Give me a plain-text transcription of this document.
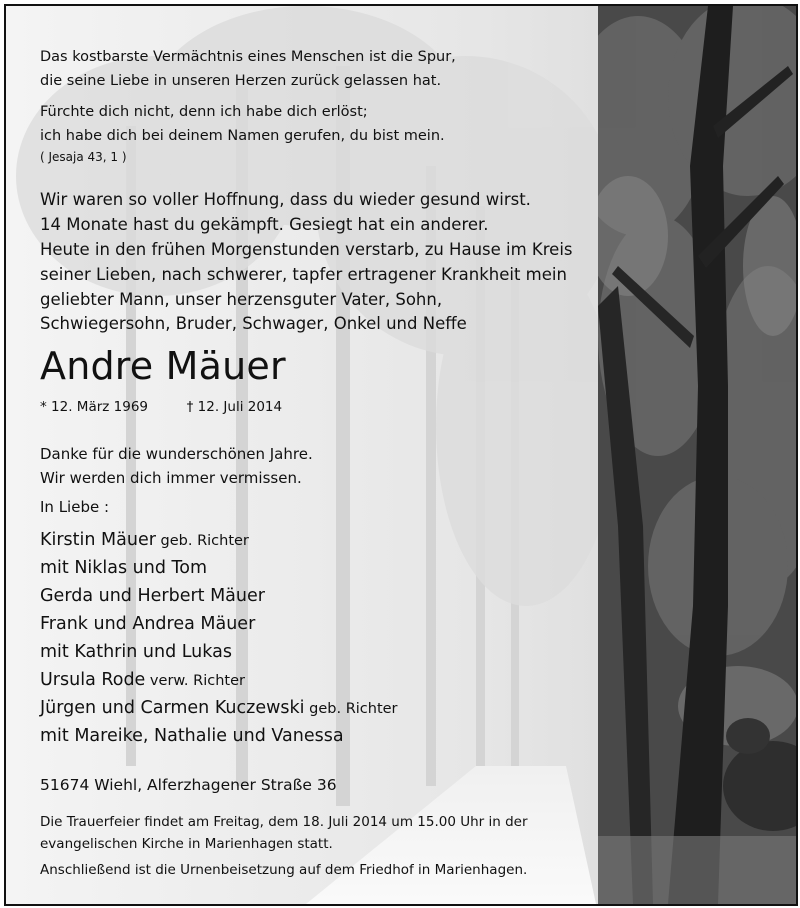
Das kostbarste Vermächtnis eines Menschen ist die Spur,

die seine Liebe in unseren Herzen zurück gelassen hat.

Fürchte dich nicht, denn ich habe dich erlöst;

ich habe dich bei deinem Namen gerufen, du bist mein.

( Jesaja 43, 1 )

Wir waren so voller Hoffnung, dass du wieder gesund wirst.

14 Monate hast du gekämpft. Gesiegt hat ein anderer.

Heute in den frühen Morgenstunden verstarb, zu Hause im Kreis

seiner Lieben, nach schwerer, tapfer ertragener Krankheit mein

geliebter Mann, unser herzensguter Vater, Sohn,

Schwiegersohn, Bruder, Schwager, Onkel und Neffe

Andre Mäuer

* 12. März 1969	† 12. Juli 2014

Danke für die wunderschönen Jahre.

Wir werden dich immer vermissen.

In Liebe :

Kirstin Mäuer geb. Richter

mit Niklas und Tom

Gerda und Herbert Mäuer

Frank und Andrea Mäuer

mit Kathrin und Lukas

Ursula Rode verw. Richter

Jürgen und Carmen Kuczewski geb. Richter

mit Mareike, Nathalie und Vanessa

51674 Wiehl, Alferzhagener Straße 36

Die Trauerfeier findet am Freitag, dem 18. Juli 2014 um 15.00 Uhr in der

evangelischen Kirche in Marienhagen statt.

Anschließend ist die Urnenbeisetzung auf dem Friedhof in Marienhagen.
